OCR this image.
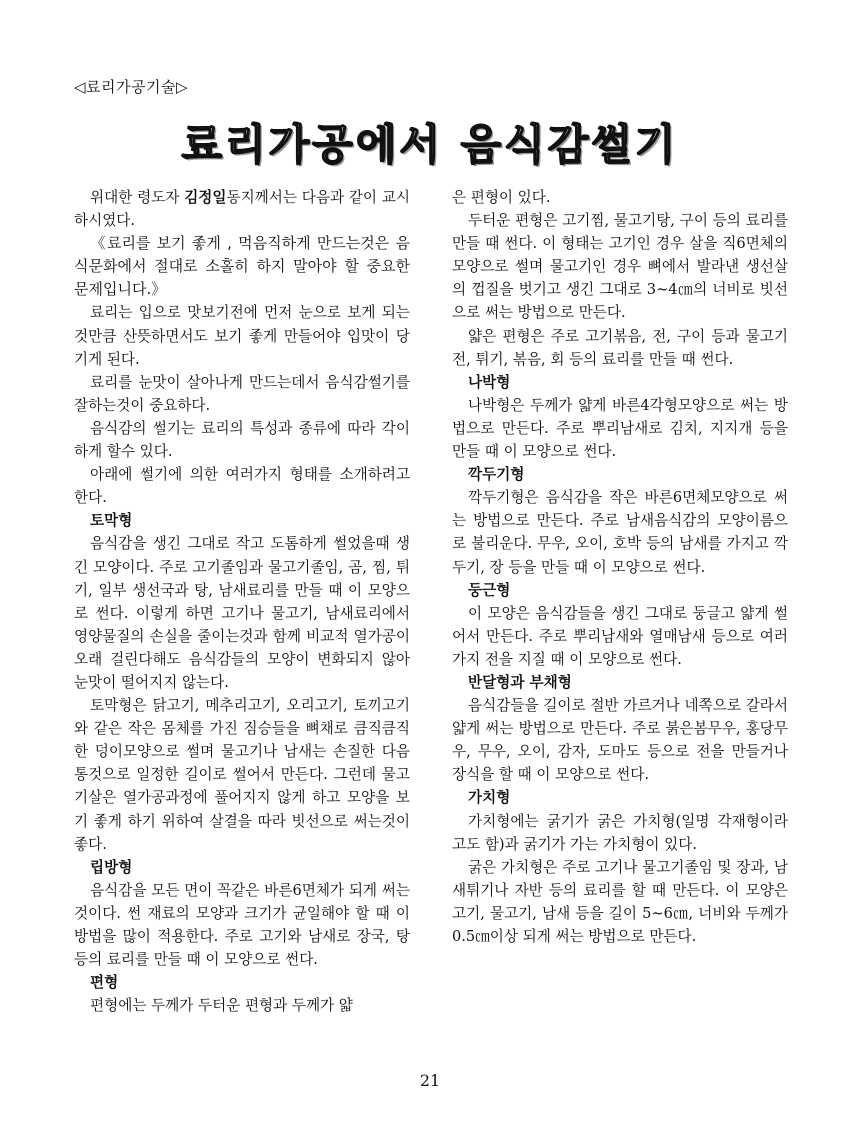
◁료리가공기술▷
료리가공에서 음식감썰기

위대한 령도자 김정일동지께서는 다음과 같이 교시하시였다.

《료리를 보기 좋게 , 먹음직하게 만드는것은 음식문화에서 절대로 소홀히 하지 말아야 할 중요한 문제입니다.》

료리는 입으로 맛보기전에 먼저 눈으로 보게 되는것만큼 산뜻하면서도 보기 좋게 만들어야 입맛이 당기게 된다.

료리를 눈맛이 살아나게 만드는데서 음식감썰기를 잘하는것이 중요하다.

음식감의 썰기는 료리의 특성과 종류에 따라 각이하게 할수 있다.

아래에 썰기에 의한 여러가지 형태를 소개하려고 한다.

토막형

음식감을 생긴 그대로 작고 도톰하게 썰었을때 생긴 모양이다. 주로 고기졸임과 물고기졸임, 곰, 찜, 튀기, 일부 생선국과 탕, 남새료리를 만들 때 이 모양으로 썬다. 이렇게 하면 고기나 물고기, 남새료리에서 영양물질의 손실을 줄이는것과 함께 비교적 열가공이 오래 걸린다해도 음식감들의 모양이 변화되지 않아 눈맛이 떨어지지 않는다.

토막형은 닭고기, 메추리고기, 오리고기, 토끼고기와 같은 작은 몸체를 가진 짐승들을 뼈채로 큼직큼직한 덩이모양으로 썰며 물고기나 남새는 손질한 다음 통것으로 일정한 길이로 썰어서 만든다. 그런데 물고기살은 열가공과정에 풀어지지 않게 하고 모양을 보기 좋게 하기 위하여 살결을 따라 빗선으로 써는것이 좋다.

립방형

음식감을 모든 면이 꼭같은 바른6면체가 되게 써는것이다. 썬 재료의 모양과 크기가 균일해야 할 때 이 방법을 많이 적용한다. 주로 고기와 남새로 장국, 탕 등의 료리를 만들 때 이 모양으로 썬다.

편형

편형에는 두께가 두터운 편형과 두께가 얇

은 편형이 있다.

두터운 편형은 고기찜, 물고기탕, 구이 등의 료리를 만들 때 썬다. 이 형태는 고기인 경우 살을 직6면체의 모양으로 썰며 물고기인 경우 뼈에서 발라낸 생선살의 껍질을 벗기고 생긴 그대로 3~4㎝의 너비로 빗선으로 써는 방법으로 만든다.

얇은 편형은 주로 고기볶음, 전, 구이 등과 물고기전, 튀기, 볶음, 회 등의 료리를 만들 때 썬다.

나박형

나박형은 두께가 얇게 바른4각형모양으로 써는 방법으로 만든다. 주로 뿌리남새로 김치, 지지개 등을 만들 때 이 모양으로 썬다.

깍두기형

깍두기형은 음식감을 작은 바른6면체모양으로 써는 방법으로 만든다. 주로 남새음식감의 모양이름으로 불리운다. 무우, 오이, 호박 등의 남새를 가지고 깍두기, 장 등을 만들 때 이 모양으로 썬다.

둥근형

이 모양은 음식감들을 생긴 그대로 둥글고 얇게 썰어서 만든다. 주로 뿌리남새와 열매남새 등으로 여러가지 전을 지질 때 이 모양으로 썬다.

반달형과 부채형

음식감들을 길이로 절반 가르거나 네쪽으로 갈라서 얇게 써는 방법으로 만든다. 주로 붉은봄무우, 홍당무우, 무우, 오이, 감자, 도마도 등으로 전을 만들거나 장식을 할 때 이 모양으로 썬다.

가치형

가치형에는 굵기가 굵은 가치형(일명 각재형이라고도 함)과 굵기가 가는 가치형이 있다.

굵은 가치형은 주로 고기나 물고기졸임 및 장과, 남새튀기나 자반 등의 료리를 할 때 만든다. 이 모양은 고기, 물고기, 남새 등을 길이 5~6㎝, 너비와 두께가 0.5㎝이상 되게 써는 방법으로 만든다.

21
